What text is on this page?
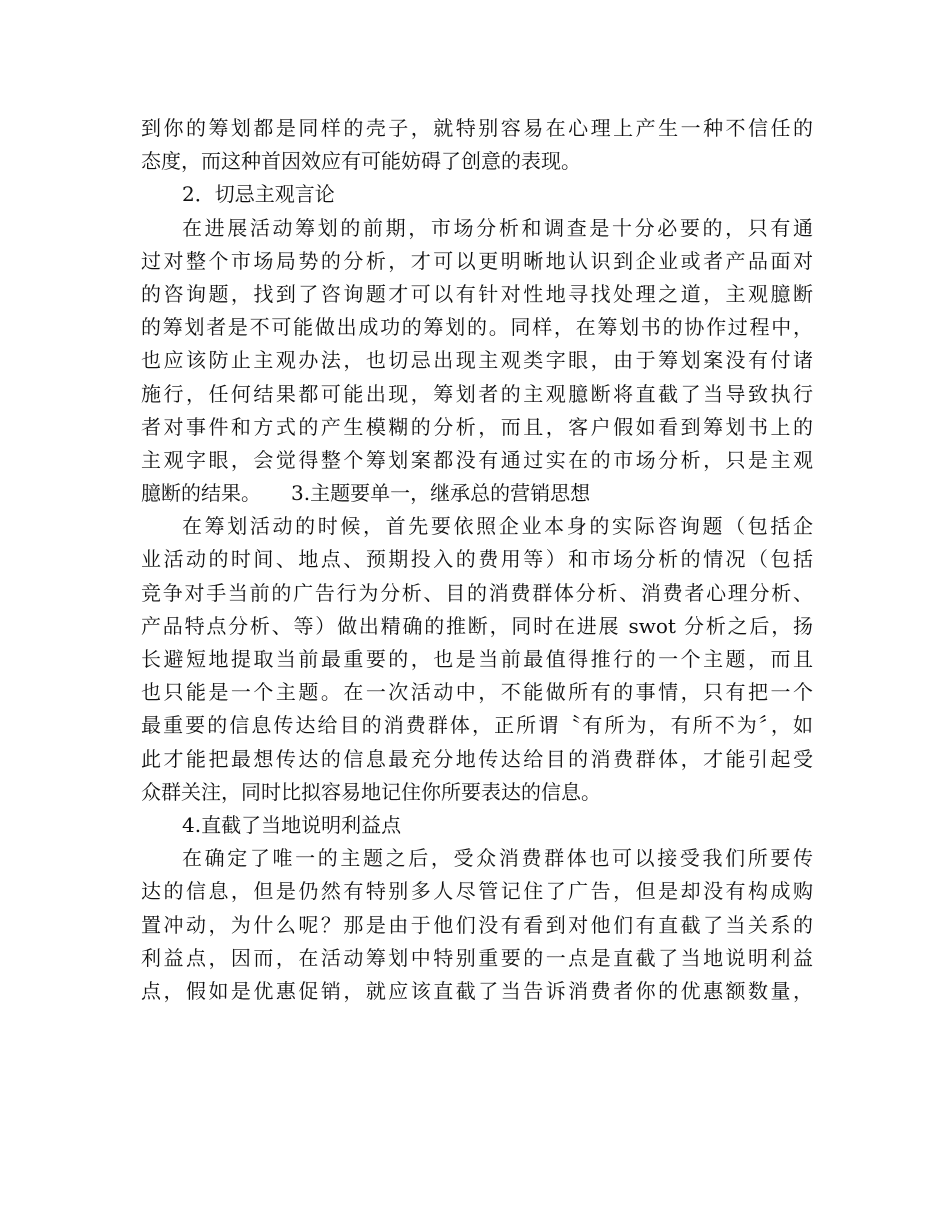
到你的筹划都是同样的壳子，就特别容易在心理上产生一种不信任的
态度，而这种首因效应有可能妨碍了创意的表现。
2．切忌主观言论
在进展活动筹划的前期，市场分析和调查是十分必要的，只有通
过对整个市场局势的分析，才可以更明晰地认识到企业或者产品面对
的咨询题，找到了咨询题才可以有针对性地寻找处理之道，主观臆断
的筹划者是不可能做出成功的筹划的。同样，在筹划书的协作过程中，
也应该防止主观办法，也切忌出现主观类字眼，由于筹划案没有付诸
施行，任何结果都可能出现，筹划者的主观臆断将直截了当导致执行
者对事件和方式的产生模糊的分析，而且，客户假如看到筹划书上的
主观字眼，会觉得整个筹划案都没有通过实在的市场分析，只是主观
臆断的结果。　　3.主题要单一，继承总的营销思想
在筹划活动的时候，首先要依照企业本身的实际咨询题（包括企
业活动的时间、地点、预期投入的费用等）和市场分析的情况（包括
竞争对手当前的广告行为分析、目的消费群体分析、消费者心理分析、
产品特点分析、等）做出精确的推断，同时在进展 swot 分析之后，扬
长避短地提取当前最重要的，也是当前最值得推行的一个主题，而且
也只能是一个主题。在一次活动中，不能做所有的事情，只有把一个
最重要的信息传达给目的消费群体，正所谓〝有所为，有所不为〞，如
此才能把最想传达的信息最充分地传达给目的消费群体，才能引起受
众群关注，同时比拟容易地记住你所要表达的信息。
4.直截了当地说明利益点
在确定了唯一的主题之后，受众消费群体也可以接受我们所要传
达的信息，但是仍然有特别多人尽管记住了广告，但是却没有构成购
置冲动，为什么呢？那是由于他们没有看到对他们有直截了当关系的
利益点，因而，在活动筹划中特别重要的一点是直截了当地说明利益
点，假如是优惠促销，就应该直截了当告诉消费者你的优惠额数量，
